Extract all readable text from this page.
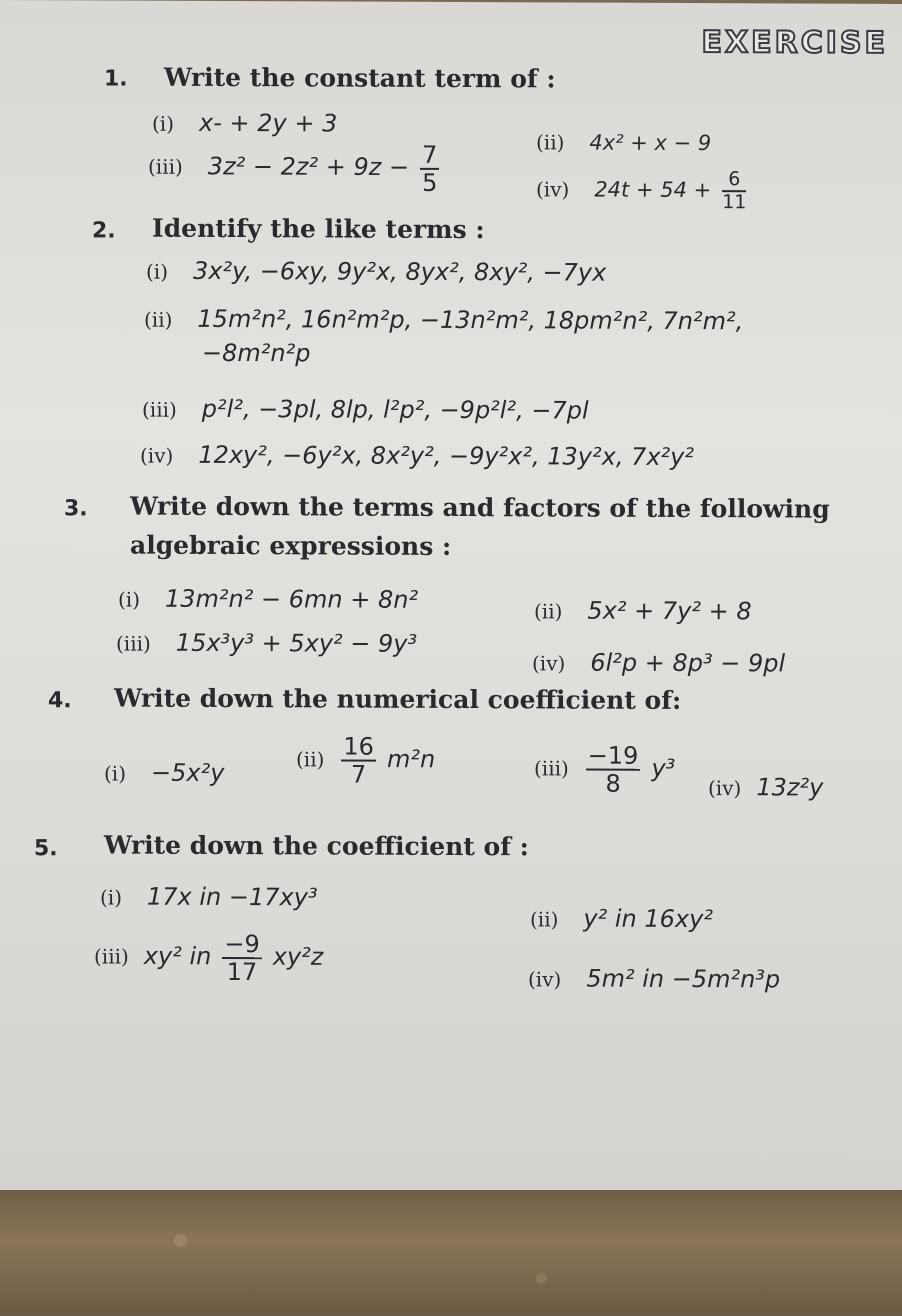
EXERCISE
1. Write the constant term of :
(i) x- + 2y + 3
(ii) 4x² + x − 9
(iii) $3z^2 - 2z^2 + 9z - \frac{7}{5}$	(iv) $24t + 54 + \frac{6}{11}$
2. Identify the like terms :
(i) 3x²y, −6xy, 9y²x, 8yx², 8xy², −7yx
(ii) 15m²n², 16n²m²p, −13n²m², 18pm²n², 7n²m²,
−8m²n²p
(iii) p²l², −3pl, 8lp, l²p², −9p²l², −7pl
(iv) 12xy², −6y²x, 8x²y², −9y²x², 13y²x, 7x²y²
3. Write down the terms and factors of the following
algebraic expressions :
(i) 13m²n² − 6mn + 8n²	(ii) 5x² + 7y² + 8
(iii) 15x³y³ + 5xy² − 9y³
(iv) 6l²p + 8p³ − 9pl
4. Write down the numerical coefficient of:
(i) −5x²y	$(ii) \frac{16}{7} m^2n$	$(iii) \frac{-19}{8} y^3$
(iv) 13z²y
5. Write down the coefficient of :
(i) 17x in −17xy³
(ii) y² in 16xy²
(iii) xy² in $\frac{-9}{17} xy^2z$
(iv) 5m² in −5m²n³p
